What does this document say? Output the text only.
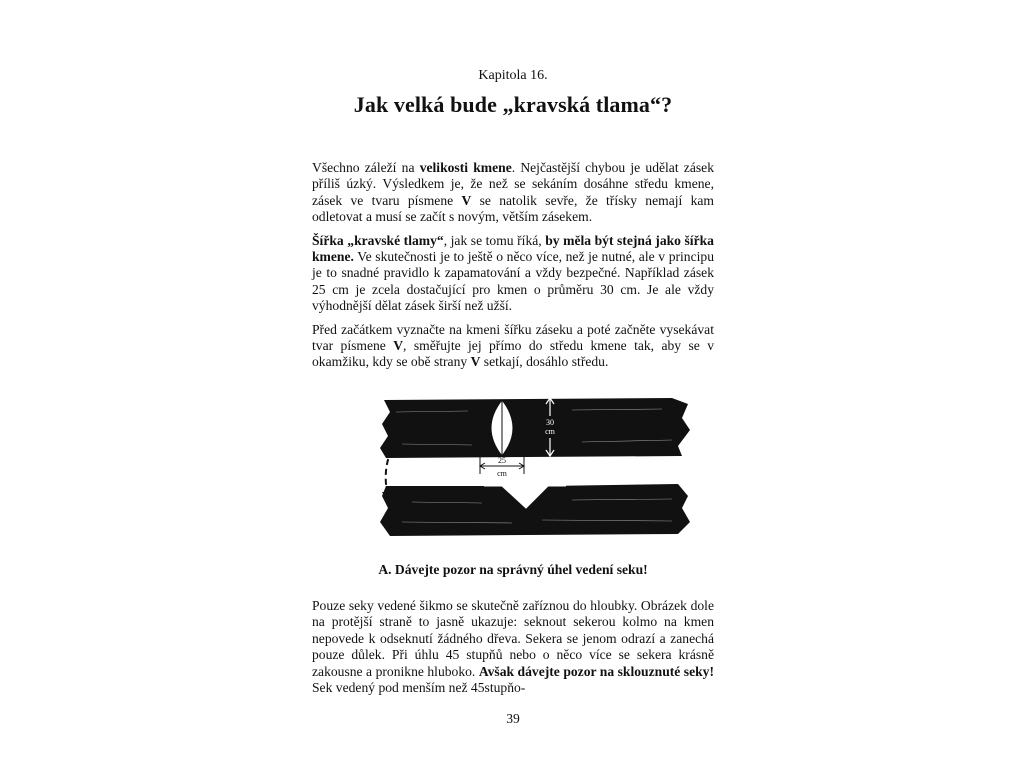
Kapitola 16.
Jak velká bude „kravská tlama“?

Všechno záleží na velikosti kmene. Nejčastější chybou je udělat zásek příliš úzký. Výsledkem je, že než se sekáním dosáhne středu kmene, zásek ve tvaru písmene V se natolik sevře, že třísky nemají kam odletovat a musí se začít s novým, větším zásekem.

Šířka „kravské tlamy“, jak se tomu říká, by měla být stejná jako šířka kmene. Ve skutečnosti je to ještě o něco více, než je nutné, ale v principu je to snadné pravidlo k zapamatování a vždy bezpečné. Například zásek 25 cm je zcela dostačující pro kmen o průměru 30 cm. Je ale vždy výhodnější dělat zásek širší než užší.

Před začátkem vyznačte na kmeni šířku záseku a poté začněte vysekávat tvar písmene V, směřujte jej přímo do středu kmene tak, aby se v okamžiku, kdy se obě strany V setkají, dosáhlo středu.

30
cm
25
cm
A. Dávejte pozor na správný úhel vedení seku!

Pouze seky vedené šikmo se skutečně zaříznou do hloubky. Obrázek dole na protější straně to jasně ukazuje: seknout sekerou kolmo na kmen nepovede k odseknutí žádného dřeva. Sekera se jenom odrazí a zanechá pouze důlek. Při úhlu 45 stupňů nebo o něco více se sekera krásně zakousne a pronikne hluboko. Avšak dávejte pozor na sklouznuté seky! Sek vedený pod menším než 45stupňo-

39
